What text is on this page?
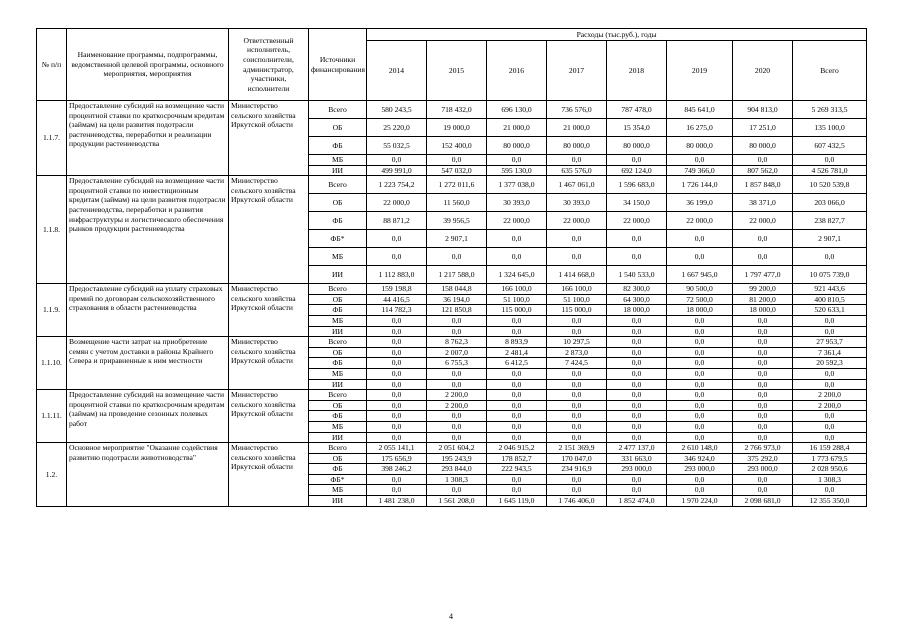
№ п/п	Наименование программы, подпрограммы, ведомственной целевой программы, основного мероприятия, мероприятия	Ответственный исполнитель, соисполнители, администратор, участники, исполнители	Источники финансирования	Расходы (тыс.руб.), годы							
				2014	2015	2016	2017	2018	2019	2020	Всего
1.1.7.	Предоставление субсидий на возмещение части процентной ставки по краткосрочным кредитам (займам) на цели развития подотрасли растениеводства, переработки и реализации продукции растениеводства	Министерство сельского хозяйства Иркутской области	Всего	580 243,5	718 432,0	696 130,0	736 576,0	787 478,0	845 641,0	904 813,0	5 269 313,5
			ОБ	25 220,0	19 000,0	21 000,0	21 000,0	15 354,0	16 275,0	17 251,0	135 100,0
			ФБ	55 032,5	152 400,0	80 000,0	80 000,0	80 000,0	80 000,0	80 000,0	607 432,5
			МБ	0,0	0,0	0,0	0,0	0,0	0,0	0,0	0,0
			ИИ	499 991,0	547 032,0	595 130,0	635 576,0	692 124,0	749 366,0	807 562,0	4 526 781,0
1.1.8.	Предоставление субсидий на возмещение части процентной ставки по инвестиционным кредитам (займам) на цели развития подотрасли растениеводства, переработки и развития инфраструктуры и логистического обеспечения рынков продукции растениеводства	Министерство сельского хозяйства Иркутской области	Всего	1 223 754,2	1 272 011,6	1 377 038,0	1 467 061,0	1 596 683,0	1 726 144,0	1 857 848,0	10 520 539,8
			ОБ	22 000,0	11 560,0	30 393,0	30 393,0	34 150,0	36 199,0	38 371,0	203 066,0
			ФБ	88 871,2	39 956,5	22 000,0	22 000,0	22 000,0	22 000,0	22 000,0	238 827,7
			ФБ*	0,0	2 907,1	0,0	0,0	0,0	0,0	0,0	2 907,1
			МБ	0,0	0,0	0,0	0,0	0,0	0,0	0,0	0,0
			ИИ	1 112 883,0	1 217 588,0	1 324 645,0	1 414 668,0	1 540 533,0	1 667 945,0	1 797 477,0	10 075 739,0
1.1.9.	Предоставление субсидий на уплату страховых премий по договорам сельскохозяйственного страхования в области растениеводства	Министерство сельского хозяйства Иркутской области	Всего	159 198,8	158 044,8	166 100,0	166 100,0	82 300,0	90 500,0	99 200,0	921 443,6
			ОБ	44 416,5	36 194,0	51 100,0	51 100,0	64 300,0	72 500,0	81 200,0	400 810,5
			ФБ	114 782,3	121 850,8	115 000,0	115 000,0	18 000,0	18 000,0	18 000,0	520 633,1
			МБ	0,0	0,0	0,0	0,0	0,0	0,0	0,0	0,0
			ИИ	0,0	0,0	0,0	0,0	0,0	0,0	0,0	0,0
1.1.10.	Возмещение части затрат на приобретение семян с учетом доставки в районы Крайнего Севера и приравненные к ним местности	Министерство сельского хозяйства Иркутской области	Всего	0,0	8 762,3	8 893,9	10 297,5	0,0	0,0	0,0	27 953,7
			ОБ	0,0	2 007,0	2 481,4	2 873,0	0,0	0,0	0,0	7 361,4
			ФБ	0,0	6 755,3	6 412,5	7 424,5	0,0	0,0	0,0	20 592,3
			МБ	0,0	0,0	0,0	0,0	0,0	0,0	0,0	0,0
			ИИ	0,0	0,0	0,0	0,0	0,0	0,0	0,0	0,0
1.1.11.	Предоставление субсидий на возмещение части процентной ставки по краткосрочным кредитам (займам) на проведение сезонных полевых работ	Министерство сельского хозяйства Иркутской области	Всего	0,0	2 200,0	0,0	0,0	0,0	0,0	0,0	2 200,0
			ОБ	0,0	2 200,0	0,0	0,0	0,0	0,0	0,0	2 200,0
			ФБ	0,0	0,0	0,0	0,0	0,0	0,0	0,0	0,0
			МБ	0,0	0,0	0,0	0,0	0,0	0,0	0,0	0,0
			ИИ	0,0	0,0	0,0	0,0	0,0	0,0	0,0	0,0
1.2.	Основное мероприятие "Оказание содействия развитию подотрасли животноводства"	Министерство сельского хозяйства Иркутской области	Всего	2 055 141,1	2 051 604,2	2 046 915,2	2 151 369,9	2 477 137,0	2 610 148,0	2 766 973,0	16 159 288,4
			ОБ	175 656,9	195 243,9	178 852,7	170 047,0	331 663,0	346 924,0	375 292,0	1 773 679,5
			ФБ	398 246,2	293 844,0	222 943,5	234 916,9	293 000,0	293 000,0	293 000,0	2 028 950,6
			ФБ*	0,0	1 308,3	0,0	0,0	0,0	0,0	0,0	1 308,3
			МБ	0,0	0,0	0,0	0,0	0,0	0,0	0,0	0,0
			ИИ	1 481 238,0	1 561 208,0	1 645 119,0	1 746 406,0	1 852 474,0	1 970 224,0	2 098 681,0	12 355 350,0
4
